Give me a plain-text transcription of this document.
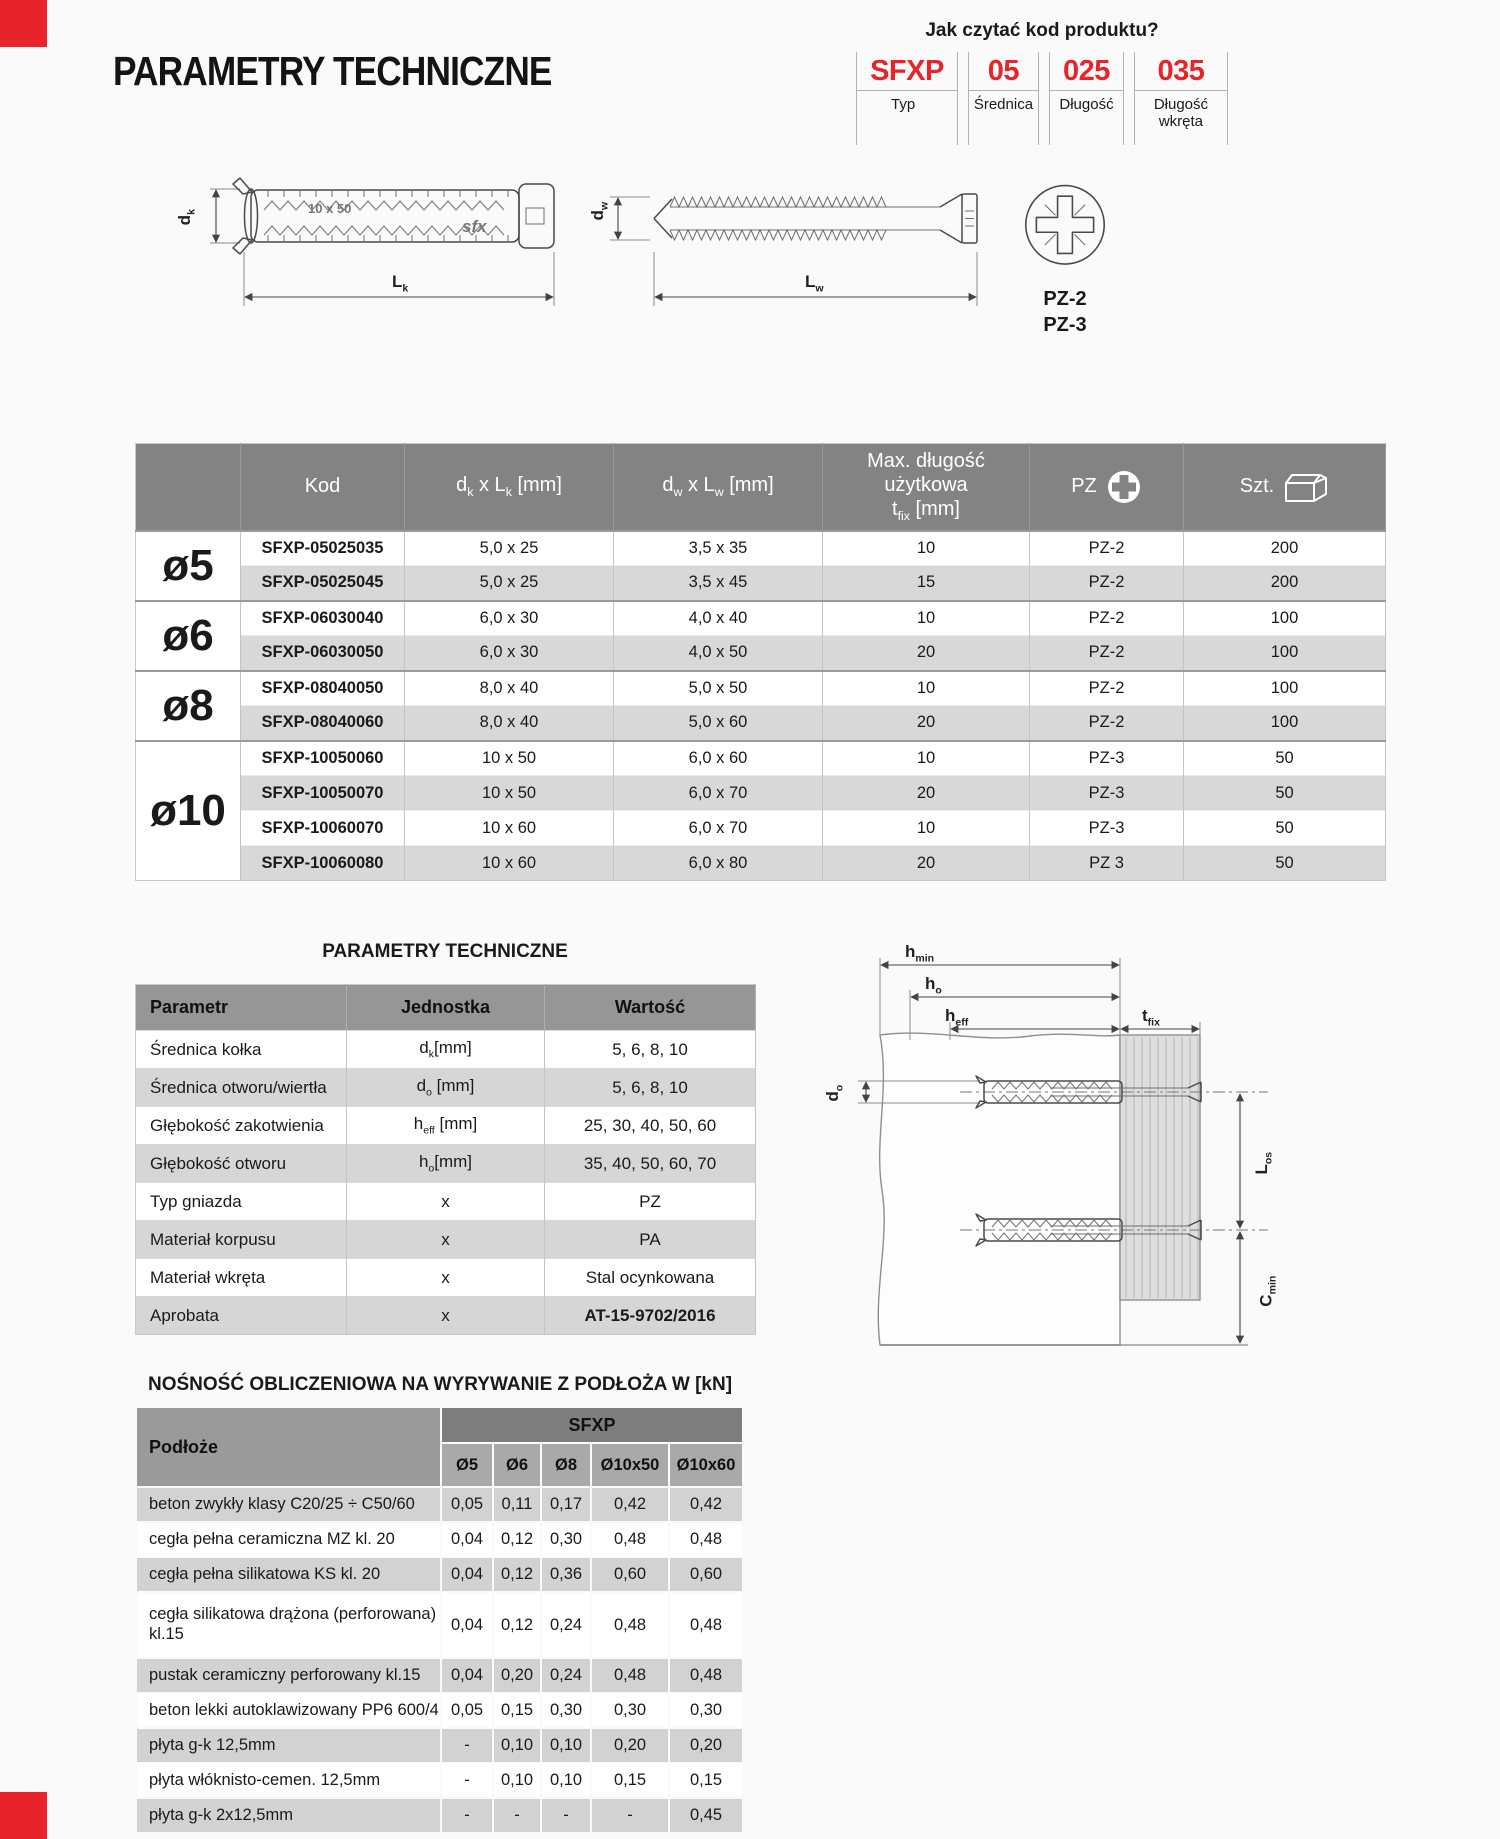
PARAMETRY TECHNICZNE
Jak czytać kod produktu?
SFXP
Typ
05
Średnica
025
Długość
035
Długość wkręta
10 x 50
sfx
$d_k$
$L_k$
$d_w$
$L_w$	PZ-2
PZ-3
	Kod	$d_k$ x $L_k$ [mm]	$d_w$ x $L_w$ [mm]	Max. długość
użytkowa
$t_{fix}$ [mm]	PZ	Szt.

ø5	SFXP-05025035	5,0 x 25	3,5 x 35	10	PZ-2	200
	SFXP-05025045	5,0 x 25	3,5 x 45	15	PZ-2	200
ø6	SFXP-06030040	6,0 x 30	4,0 x 40	10	PZ-2	100
	SFXP-06030050	6,0 x 30	4,0 x 50	20	PZ-2	100
ø8	SFXP-08040050	8,0 x 40	5,0 x 50	10	PZ-2	100
	SFXP-08040060	8,0 x 40	5,0 x 60	20	PZ-2	100
ø10	SFXP-10050060	10 x 50	6,0 x 60	10	PZ-3	50
	SFXP-10050070	10 x 50	6,0 x 70	20	PZ-3	50
	SFXP-10060070	10 x 60	6,0 x 70	10	PZ-3	50
	SFXP-10060080	10 x 60	6,0 x 80	20	PZ 3	50
PARAMETRY TECHNICZNE
Parametr	Jednostka	Wartość
Średnica kołka	$d_k[mm]$	5, 6, 8, 10
Średnica otworu/wiertła	$d_o$ [mm]	5, 6, 8, 10
Głębokość zakotwienia	$h_{eff}$ [mm]	25, 30, 40, 50, 60
Głębokość otworu	$h_o[mm]$	35, 40, 50, 60, 70
Typ gniazda	x	PZ
Materiał korpusu	x	PA
Materiał wkręta	x	Stal ocynkowana
Aprobata	x	AT-15-9702/2016
$h_{min}$
$h_o$
$h_{eff}$	$t_{fix}$
$d_o$
$L_{os}$
$C_{min}$
NOŚNOŚĆ OBLICZENIOWA NA WYRYWANIE Z PODŁOŻA W [kN]
Podłoże	SFXP				
	Ø5	Ø6	Ø8	Ø10x50	Ø10x60
beton zwykły klasy C20/25 ÷ C50/60	0,05	0,11	0,17	0,42	0,42
cegła pełna ceramiczna MZ kl. 20	0,04	0,12	0,30	0,48	0,48
cegła pełna silikatowa KS kl. 20	0,04	0,12	0,36	0,60	0,60
cegła silikatowa drążona (perforowana) kl.15	0,04	0,12	0,24	0,48	0,48
pustak ceramiczny perforowany kl.15	0,04	0,20	0,24	0,48	0,48
beton lekki autoklawizowany PP6 600/4	0,05	0,15	0,30	0,30	0,30
płyta g-k 12,5mm	-	0,10	0,10	0,20	0,20
płyta włóknisto-cemen. 12,5mm	-	0,10	0,10	0,15	0,15
płyta g-k 2x12,5mm	-	-	-	-	0,45
